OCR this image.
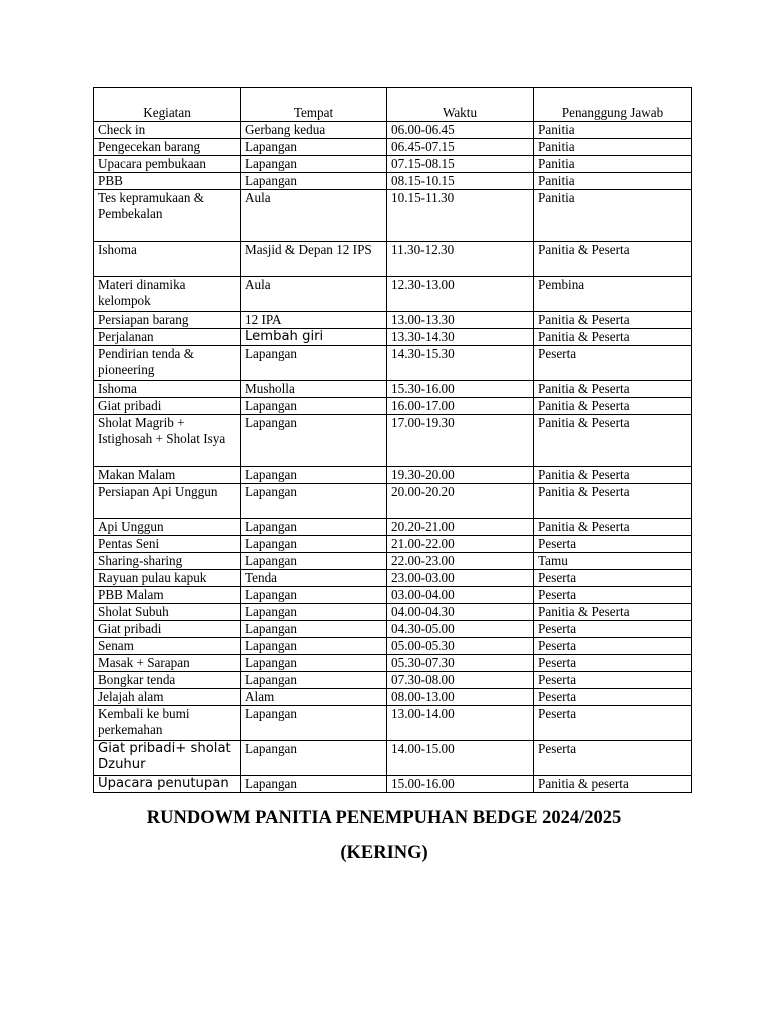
Kegiatan	Tempat	Waktu	Penanggung Jawab
Check in	Gerbang kedua	06.00-06.45	Panitia
Pengecekan barang	Lapangan	06.45-07.15	Panitia
Upacara pembukaan	Lapangan	07.15-08.15	Panitia
PBB	Lapangan	08.15-10.15	Panitia
Tes kepramukaan & Pembekalan	Aula	10.15-11.30	Panitia
Ishoma	Masjid & Depan 12 IPS	11.30-12.30	Panitia & Peserta
Materi dinamika kelompok	Aula	12.30-13.00	Pembina
Persiapan barang	12 IPA	13.00-13.30	Panitia & Peserta
Perjalanan	Lembah giri	13.30-14.30	Panitia & Peserta
Pendirian tenda & pioneering	Lapangan	14.30-15.30	Peserta
Ishoma	Musholla	15.30-16.00	Panitia & Peserta
Giat pribadi	Lapangan	16.00-17.00	Panitia & Peserta
Sholat Magrib + Istighosah + Sholat Isya	Lapangan	17.00-19.30	Panitia & Peserta
Makan Malam	Lapangan	19.30-20.00	Panitia & Peserta
Persiapan Api Unggun	Lapangan	20.00-20.20	Panitia & Peserta
Api Unggun	Lapangan	20.20-21.00	Panitia & Peserta
Pentas Seni	Lapangan	21.00-22.00	Peserta
Sharing-sharing	Lapangan	22.00-23.00	Tamu
Rayuan pulau kapuk	Tenda	23.00-03.00	Peserta
PBB Malam	Lapangan	03.00-04.00	Peserta
Sholat Subuh	Lapangan	04.00-04.30	Panitia & Peserta
Giat pribadi	Lapangan	04.30-05.00	Peserta
Senam	Lapangan	05.00-05.30	Peserta
Masak + Sarapan	Lapangan	05.30-07.30	Peserta
Bongkar tenda	Lapangan	07.30-08.00	Peserta
Jelajah alam	Alam	08.00-13.00	Peserta
Kembali ke bumi perkemahan	Lapangan	13.00-14.00	Peserta
Giat pribadi+ sholat Dzuhur	Lapangan	14.00-15.00	Peserta
Upacara penutupan	Lapangan	15.00-16.00	Panitia & peserta
RUNDOWM PANITIA PENEMPUHAN BEDGE 2024/2025
(KERING)
